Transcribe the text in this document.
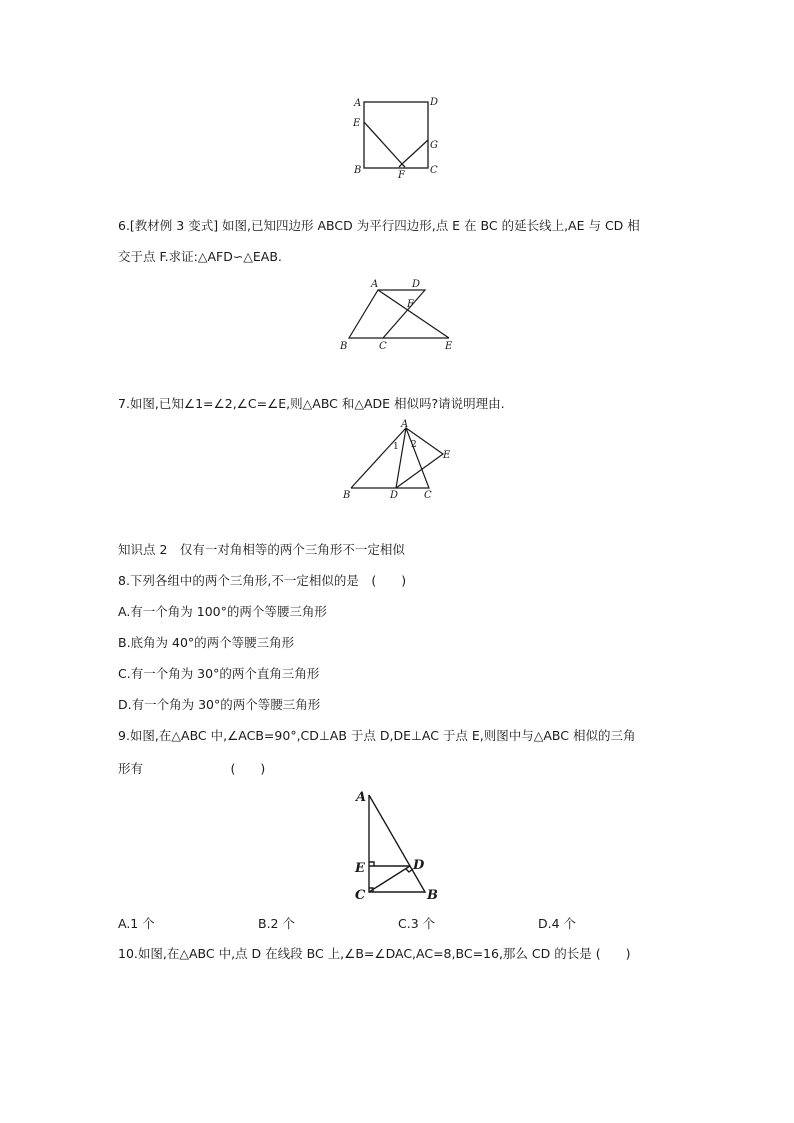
A	D
E
G
B	F	C
6.[教材例 3 变式] 如图,已知四边形 ABCD 为平行四边形,点 E 在 BC 的延长线上,AE 与 CD 相
交于点 F.求证:△AFD∽△EAB.
A	D
F
B	C	E
7.如图,已知∠1=∠2,∠C=∠E,则△ABC 和△ADE 相似吗?请说明理由.
A
1 2
E
B	D	C
知识点 2　仅有一对角相等的两个三角形不一定相似
8.下列各组中的两个三角形,不一定相似的是　(　　)
A.有一个角为 100°的两个等腰三角形
B.底角为 40°的两个等腰三角形
C.有一个角为 30°的两个直角三角形
D.有一个角为 30°的两个等腰三角形
9.如图,在△ABC 中,∠ACB=90°,CD⊥AB 于点 D,DE⊥AC 于点 E,则图中与△ABC 相似的三角
形有　　　　　　　(　　)
A
E	D
C	B
A.1 个	B.2 个	C.3 个	D.4 个
10.如图,在△ABC 中,点 D 在线段 BC 上,∠B=∠DAC,AC=8,BC=16,那么 CD 的长是 (　　)
